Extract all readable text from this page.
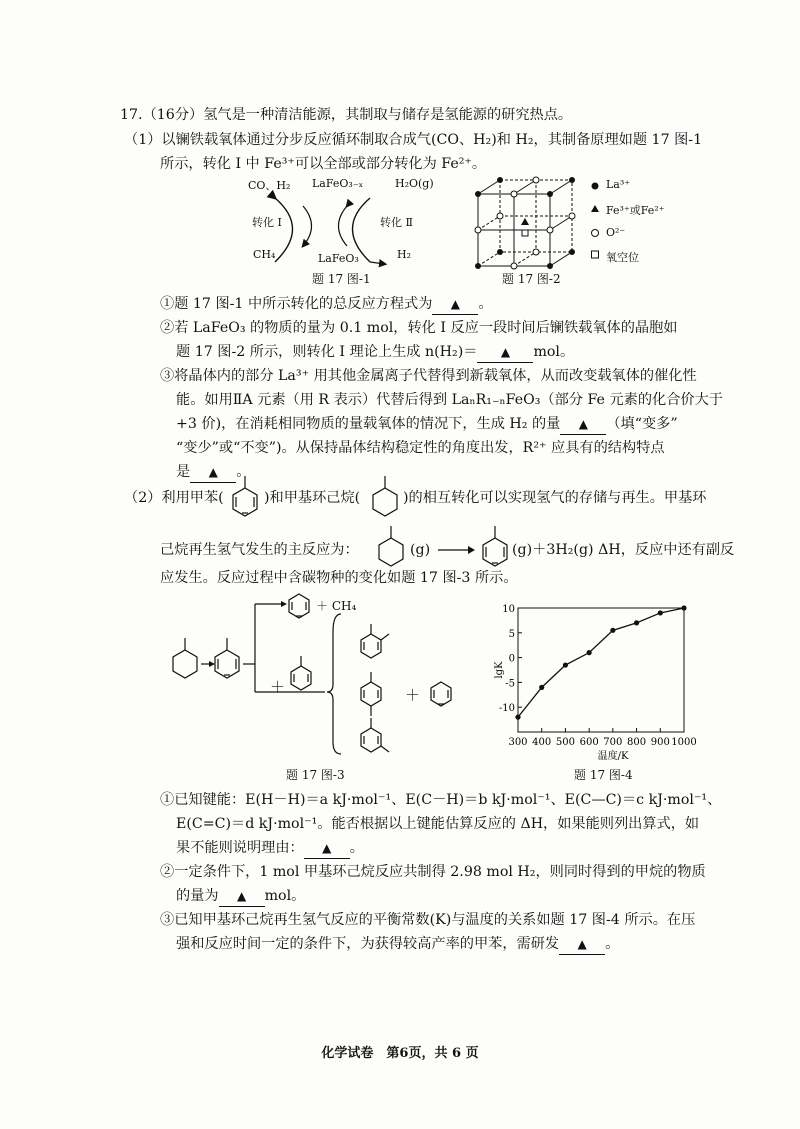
17.（16分）氢气是一种清洁能源，其制取与储存是氢能源的研究热点。
（1）以镧铁载氧体通过分步反应循环制取合成气(CO、H₂)和 H₂，其制备原理如题 17 图-1
所示，转化 Ⅰ 中 Fe³⁺可以全部或部分转化为 Fe²⁺。
CO、H₂ LaFeO₃₋ₓ	H₂O(g)
转化 Ⅰ	转化 Ⅱ
CH₄	LaFeO₃	H₂
题 17 图-1
La³⁺
Fe³⁺或Fe²⁺
O²⁻
氧空位
题 17 图-2
①题 17 图-1 中所示转化的总反应方程式为 ▲ 。
②若 LaFeO₃ 的物质的量为 0.1 mol，转化 Ⅰ 反应一段时间后镧铁载氧体的晶胞如
题 17 图-2 所示，则转化 Ⅰ 理论上生成 n(H₂)＝ ▲ mol。
③将晶体内的部分 La³⁺ 用其他金属离子代替得到新载氧体，从而改变载氧体的催化性
能。如用ⅡA 元素（用 R 表示）代替后得到 LaₙR₁₋ₙFeO₃（部分 Fe 元素的化合价大于
+3 价)，在消耗相同物质的量载氧体的情况下，生成 H₂ 的量 ▲ （填“变多”
“变少”或“不变”)。从保持晶体结构稳定性的角度出发，R²⁺ 应具有的结构特点
是 ▲ 。
（2）利用甲苯(	)和甲基环己烷(	)的相互转化可以实现氢气的存储与再生。甲基环
己烷再生氢气发生的主反应为：	(g) →	(g)＋3H₂(g) ΔH，反应中还有副反
应发生。反应过程中含碳物种的变化如题 17 图-3 所示。
＋ CH₄
＋	＋
题 17 图-3
10
5
0
-5
-10
300 400 500 600 700 800 900 1000
温度/K
lgK
题 17 图-4
①已知键能：E(H－H)＝a kJ·mol⁻¹、E(C－H)＝b kJ·mol⁻¹、E(C—C)＝c kJ·mol⁻¹、
E(C=C)＝d kJ·mol⁻¹。能否根据以上键能估算反应的 ΔH，如果能则列出算式，如
果不能则说明理由： ▲ 。
②一定条件下，1 mol 甲基环己烷反应共制得 2.98 mol H₂，则同时得到的甲烷的物质
的量为 ▲ mol。
③已知甲基环己烷再生氢气反应的平衡常数(K)与温度的关系如题 17 图-4 所示。在压
强和反应时间一定的条件下，为获得较高产率的甲苯，需研发 ▲ 。
化学试卷　第6页，共 6 页
